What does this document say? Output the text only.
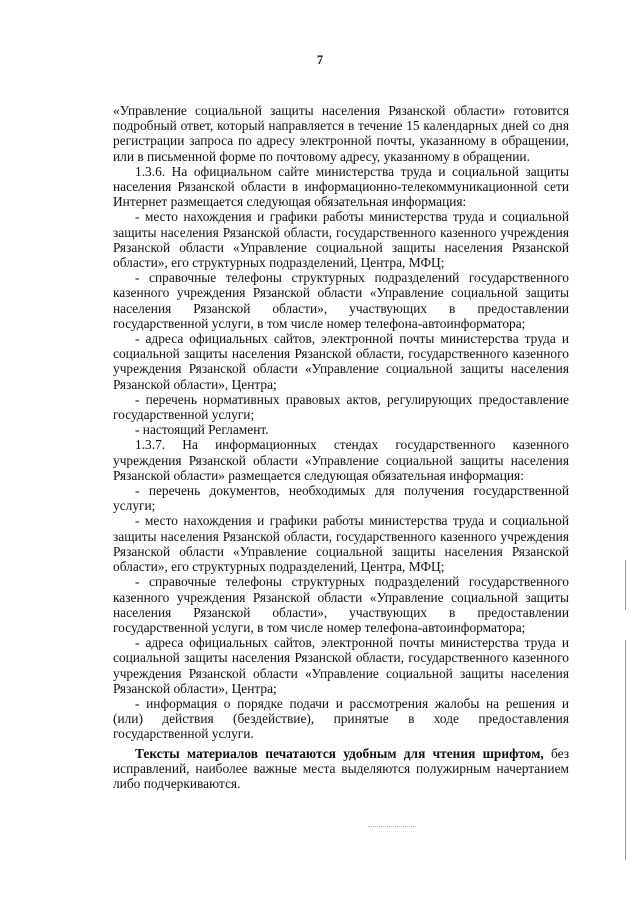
7

«Управление социальной защиты населения Рязанской области» готовится подробный ответ, который направляется в течение 15 календарных дней со дня регистрации запроса по адресу электронной почты, указанному в обращении, или в письменной форме по почтовому адресу, указанному в обращении.

1.3.6. На официальном сайте министерства труда и социальной защиты населения Рязанской области в информационно-телекоммуникационной сети Интернет размещается следующая обязательная информация:

- место нахождения и графики работы министерства труда и социальной защиты населения Рязанской области, государственного казенного учреждения Рязанской области «Управление социальной защиты населения Рязанской области», его структурных подразделений, Центра, МФЦ;

- справочные телефоны структурных подразделений государственного казенного учреждения Рязанской области «Управление социальной защиты населения Рязанской области», участвующих в предоставлении государственной услуги, в том числе номер телефона-автоинформатора;

- адреса официальных сайтов, электронной почты министерства труда и социальной защиты населения Рязанской области, государственного казенного учреждения Рязанской области «Управление социальной защиты населения Рязанской области», Центра;

- перечень нормативных правовых актов, регулирующих предоставление государственной услуги;

- настоящий Регламент.

1.3.7. На информационных стендах государственного казенного учреждения Рязанской области «Управление социальной защиты населения Рязанской области» размещается следующая обязательная информация:

- перечень документов, необходимых для получения государственной услуги;

- место нахождения и графики работы министерства труда и социальной защиты населения Рязанской области, государственного казенного учреждения Рязанской области «Управление социальной защиты населения Рязанской области», его структурных подразделений, Центра, МФЦ;

- справочные телефоны структурных подразделений государственного казенного учреждения Рязанской области «Управление социальной защиты населения Рязанской области», участвующих в предоставлении государственной услуги, в том числе номер телефона-автоинформатора;

- адреса официальных сайтов, электронной почты министерства труда и социальной защиты населения Рязанской области, государственного казенного учреждения Рязанской области «Управление социальной защиты населения Рязанской области», Центра;

- информация о порядке подачи и рассмотрения жалобы на решения и (или) действия (бездействие), принятые в ходе предоставления государственной услуги.

Тексты материалов печатаются удобным для чтения шрифтом, без исправлений, наиболее важные места выделяются полужирным начертанием либо подчеркиваются.
